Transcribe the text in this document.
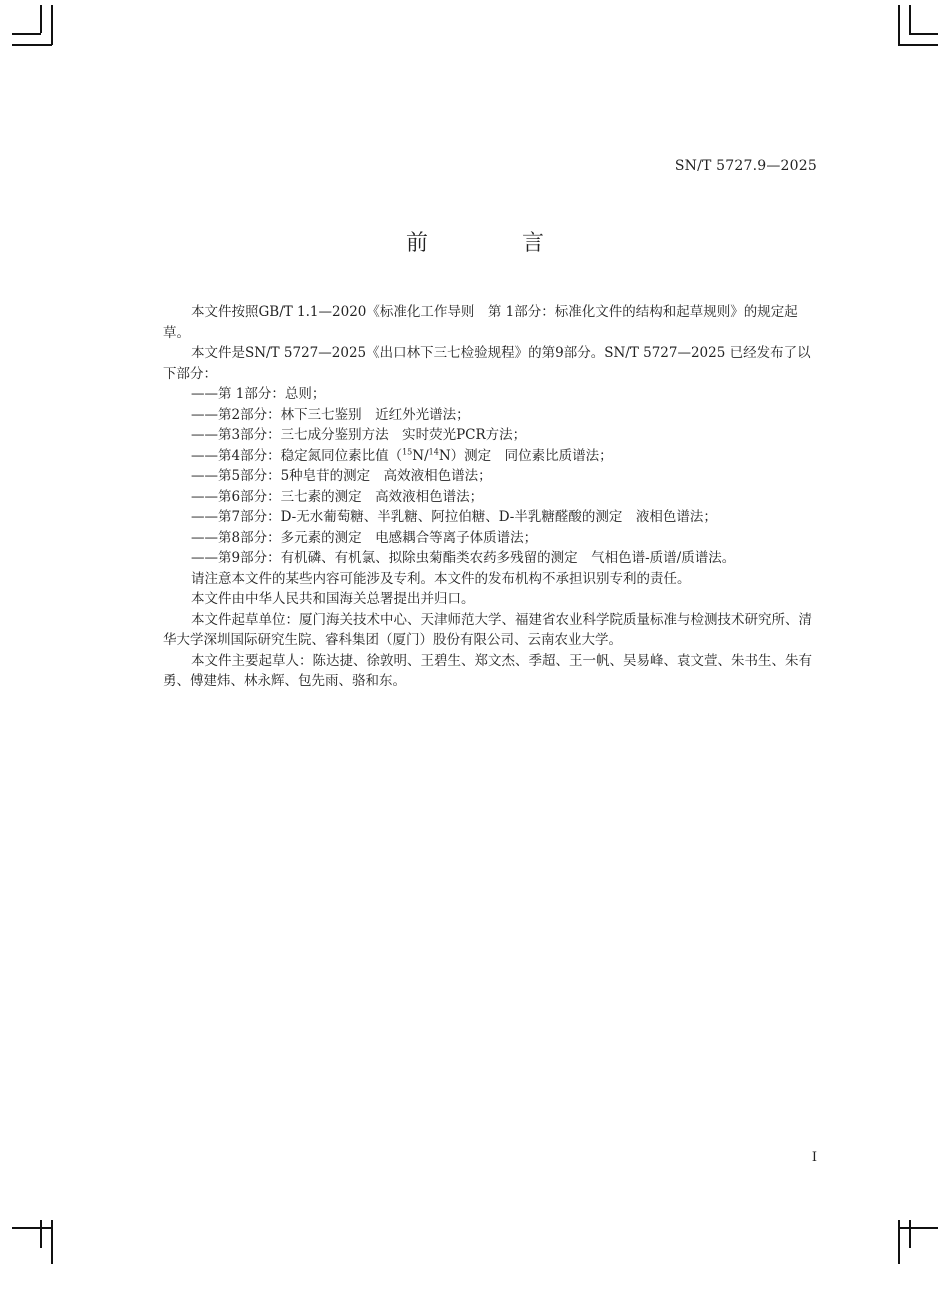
SN/T 5727.9—2025
前　言

本文件按照GB/T 1.1—2020《标准化工作导则　第 1部分：标准化文件的结构和起草规则》的规定起草。

本文件是SN/T 5727—2025《出口林下三七检验规程》的第9部分。SN/T 5727—2025 已经发布了以下部分：

——第 1部分：总则；
——第2部分：林下三七鉴别　近红外光谱法；
——第3部分：三七成分鉴别方法　实时荧光PCR方法；
——第4部分：稳定氮同位素比值（$^{15}$N/$^{14}$N）测定　同位素比质谱法；
——第5部分：5种皂苷的测定　高效液相色谱法；
——第6部分：三七素的测定　高效液相色谱法；
——第7部分：D-无水葡萄糖、半乳糖、阿拉伯糖、D-半乳糖醛酸的测定　液相色谱法；
——第8部分：多元素的测定　电感耦合等离子体质谱法；
——第9部分：有机磷、有机氯、拟除虫菊酯类农药多残留的测定　气相色谱-质谱/质谱法。

请注意本文件的某些内容可能涉及专利。本文件的发布机构不承担识别专利的责任。

本文件由中华人民共和国海关总署提出并归口。

本文件起草单位：厦门海关技术中心、天津师范大学、福建省农业科学院质量标准与检测技术研究所、清华大学深圳国际研究生院、睿科集团（厦门）股份有限公司、云南农业大学。

本文件主要起草人：陈达捷、徐敦明、王碧生、郑文杰、季超、王一帆、吴易峰、袁文萱、朱书生、朱有勇、傅建炜、林永辉、包先雨、骆和东。

I
